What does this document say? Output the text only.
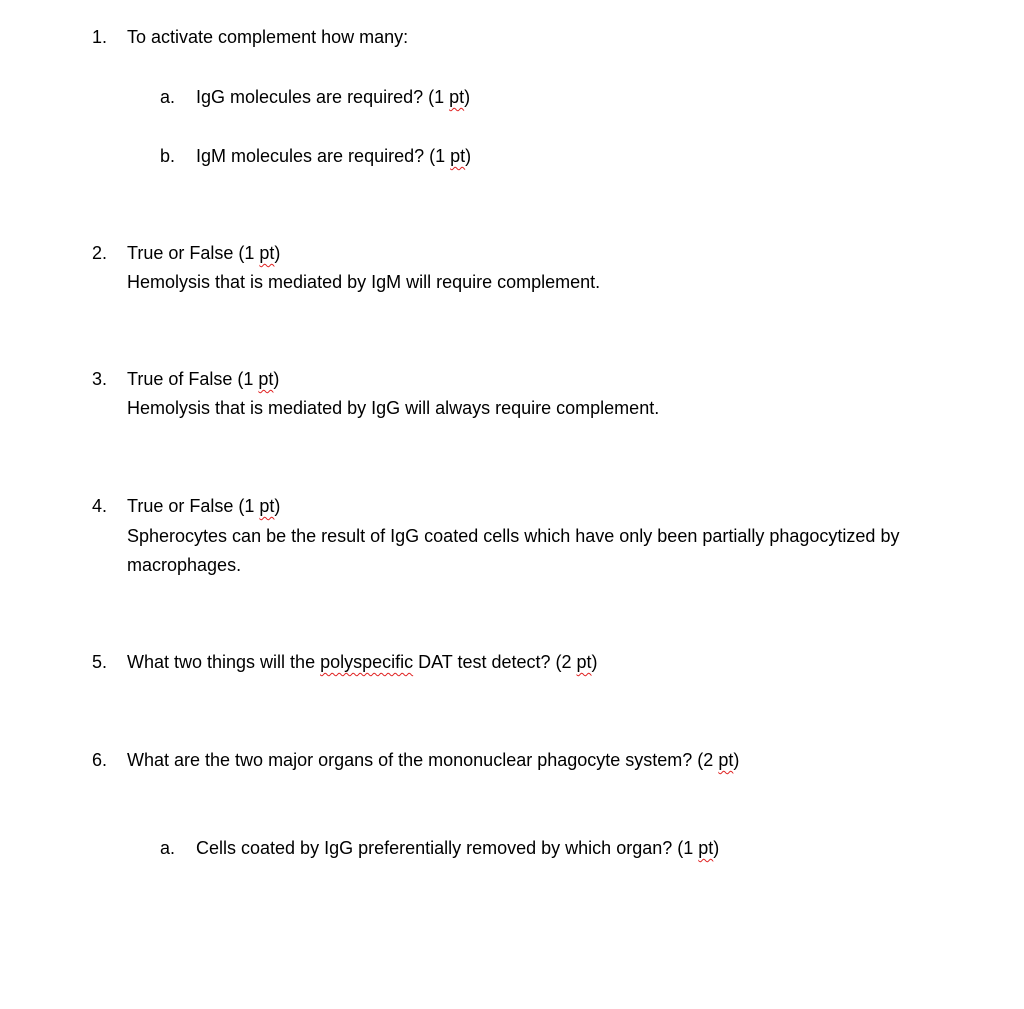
1.	To activate complement how many:
a.	IgG molecules are required? (1 pt)
b.	IgM molecules are required? (1 pt)
2.	True or False (1 pt)
Hemolysis that is mediated by IgM will require complement.
3.	True of False (1 pt)
Hemolysis that is mediated by IgG will always require complement.
4.	True or False (1 pt)
Spherocytes can be the result of IgG coated cells which have only been partially phagocytized by
macrophages.
5.	What two things will the polyspecific DAT test detect? (2 pt)
6.	What are the two major organs of the mononuclear phagocyte system? (2 pt)
a.	Cells coated by IgG preferentially removed by which organ? (1 pt)
